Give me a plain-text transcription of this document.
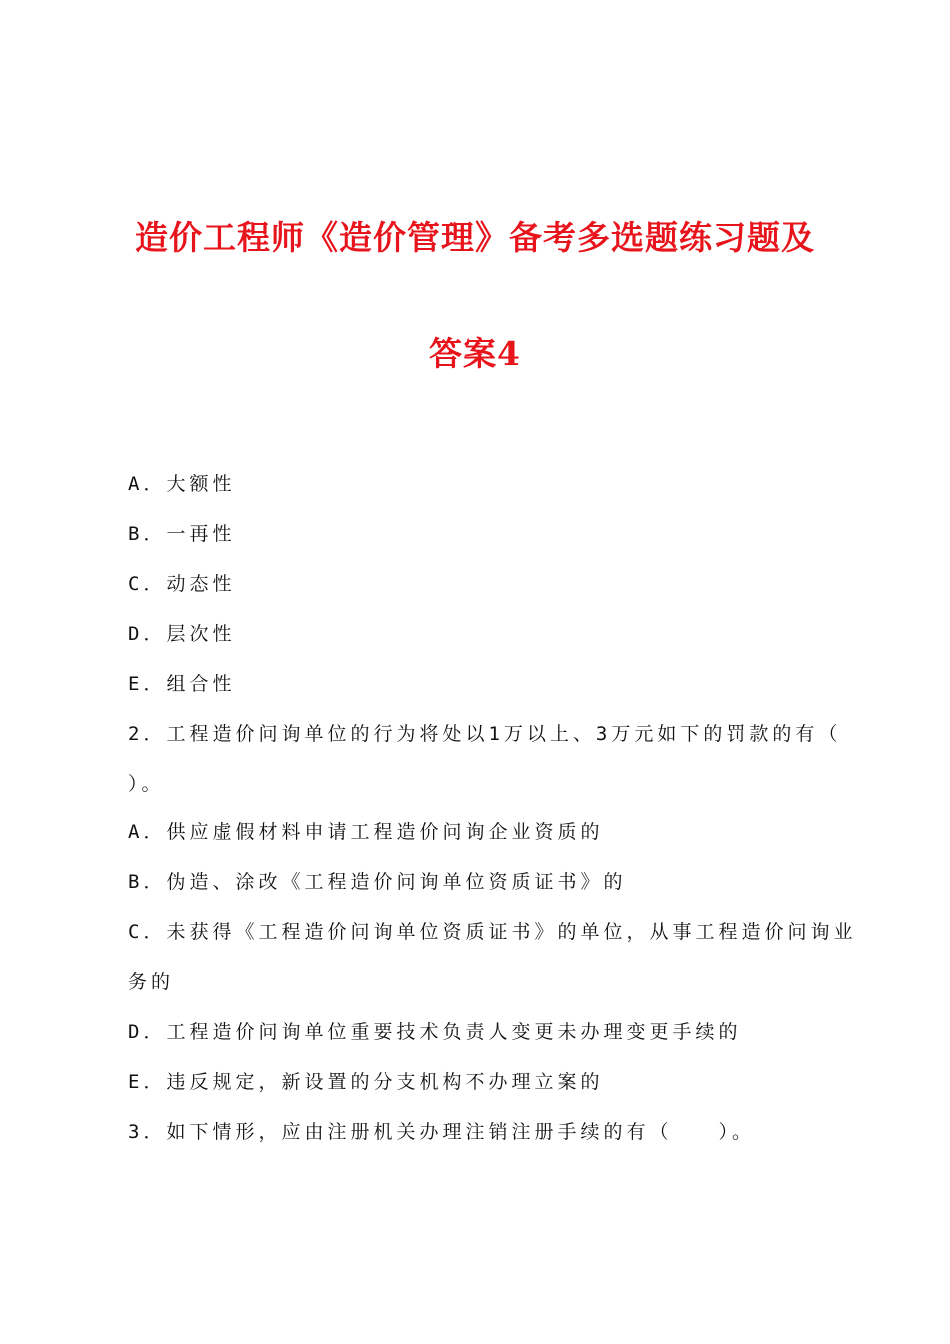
造价工程师《造价管理》备考多选题练习题及
答案4

A．大额性

B．一再性

C．动态性

D．层次性

E．组合性

2．工程造价问询单位的行为将处以1万以上、3万元如下的罚款的有（

）。

A．供应虚假材料申请工程造价问询企业资质的

B．伪造、涂改《工程造价问询单位资质证书》的

C．未获得《工程造价问询单位资质证书》的单位，从事工程造价问询业

务的

D．工程造价问询单位重要技术负责人变更未办理变更手续的

E．违反规定，新设置的分支机构不办理立案的

3．如下情形，应由注册机关办理注销注册手续的有（　　）。
